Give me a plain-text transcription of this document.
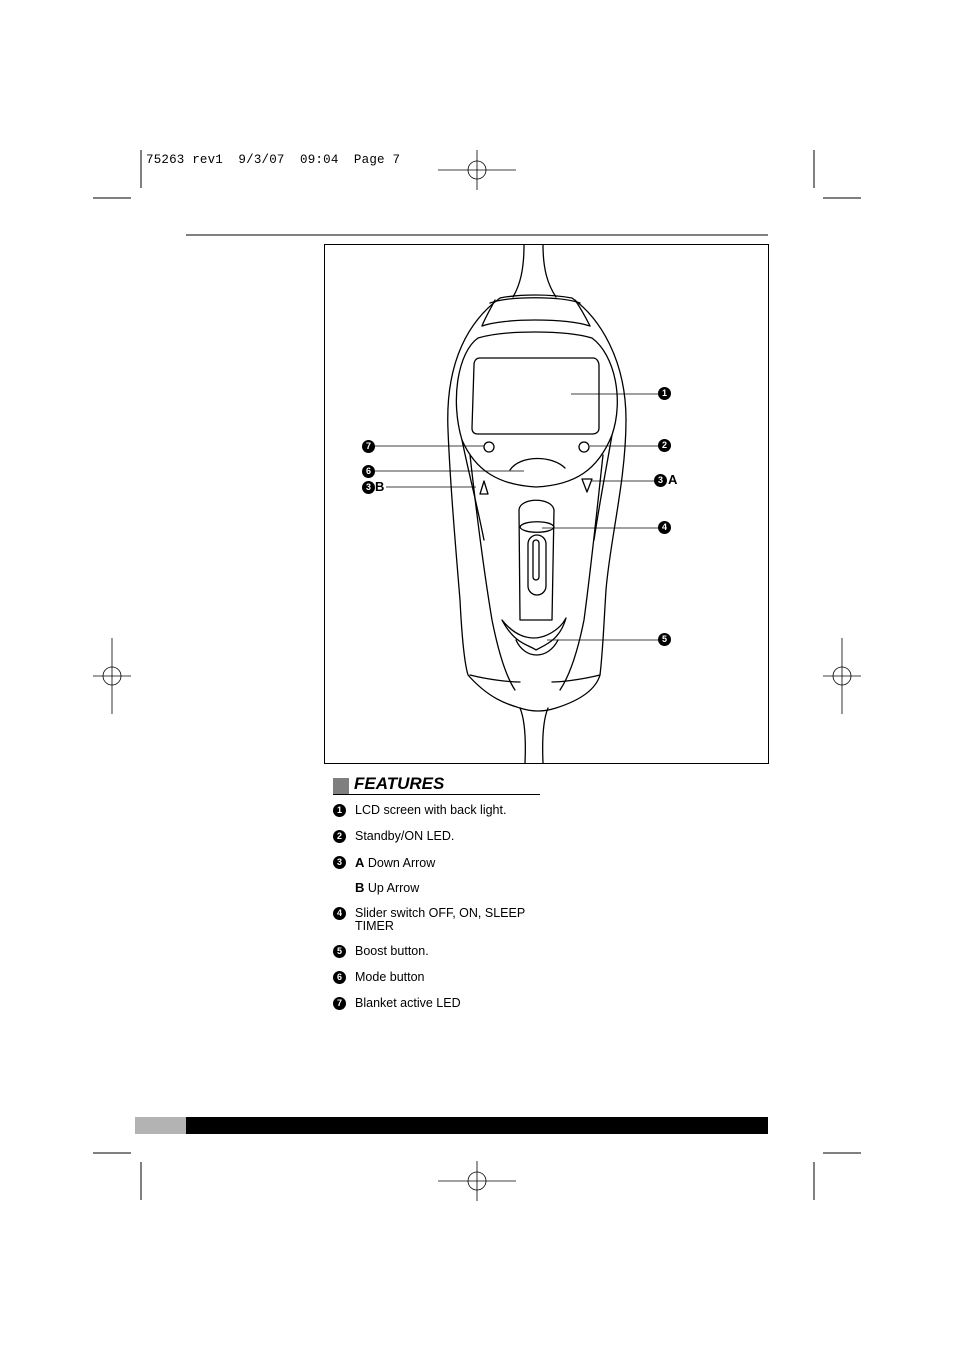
75263 rev1  9/3/07  09:04  Page 7
1
2
3 A
4
5
7
6
3 B
FEATURES
1	LCD screen with back light.
2	Standby/ON LED.
3	A Down Arrow
B Up Arrow
4	Slider switch OFF, ON, SLEEP TIMER
5	Boost button.
6	Mode button
7	Blanket active LED
